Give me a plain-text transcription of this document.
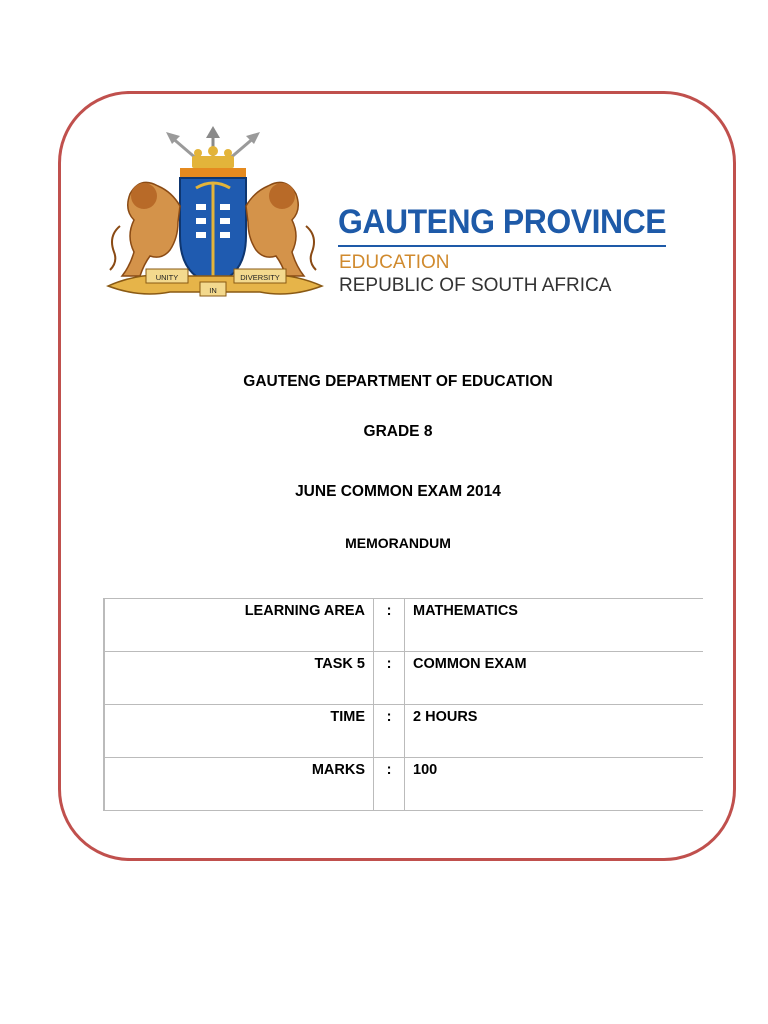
UNITY
IN
DIVERSITY
GAUTENG PROVINCE
EDUCATION
REPUBLIC OF SOUTH AFRICA
GAUTENG DEPARTMENT OF EDUCATION
GRADE 8
JUNE COMMON EXAM 2014
MEMORANDUM
LEARNING AREA	:	MATHEMATICS
TASK 5	:	COMMON EXAM
TIME	:	2 HOURS
MARKS	:	100
